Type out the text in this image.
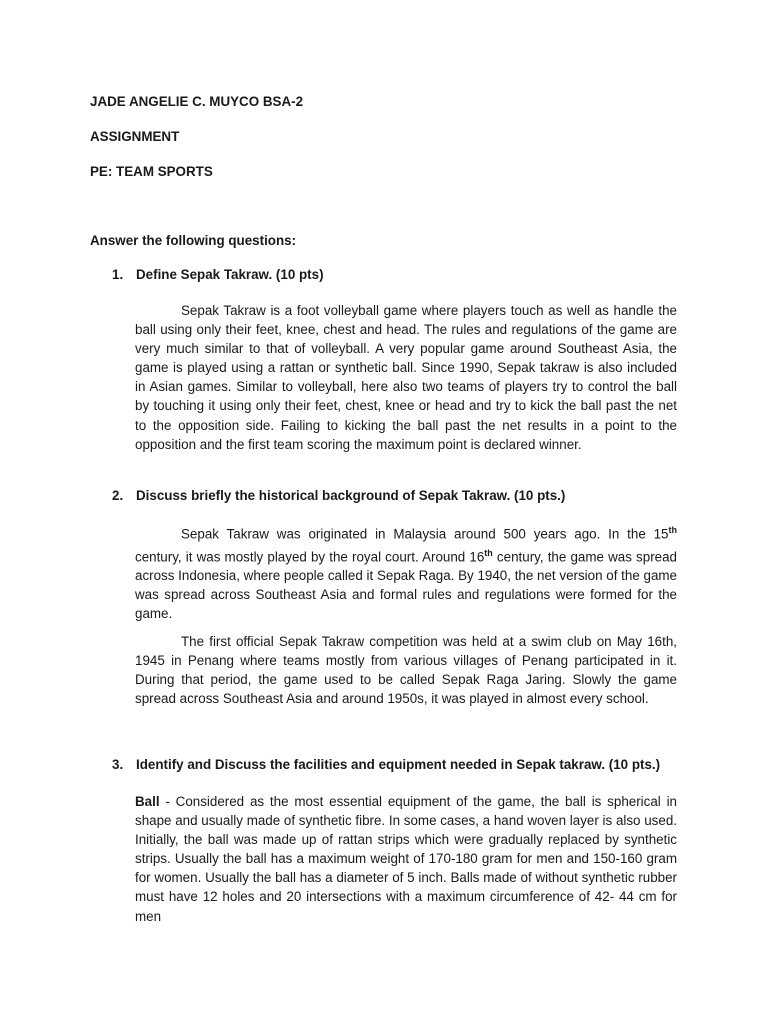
JADE ANGELIE C. MUYCO BSA-2
ASSIGNMENT
PE: TEAM SPORTS
Answer the following questions:
1. Define Sepak Takraw. (10 pts)

Sepak Takraw is a foot volleyball game where players touch as well as handle the ball using only their feet, knee, chest and head. The rules and regulations of the game are very much similar to that of volleyball. A very popular game around Southeast Asia, the game is played using a rattan or synthetic ball. Since 1990, Sepak takraw is also included in Asian games. Similar to volleyball, here also two teams of players try to control the ball by touching it using only their feet, chest, knee or head and try to kick the ball past the net to the opposition side. Failing to kicking the ball past the net results in a point to the opposition and the first team scoring the maximum point is declared winner.

2. Discuss briefly the historical background of Sepak Takraw. (10 pts.)

Sepak Takraw was originated in Malaysia around 500 years ago. In the 15th century, it was mostly played by the royal court. Around 16th century, the game was spread across Indonesia, where people called it Sepak Raga. By 1940, the net version of the game was spread across Southeast Asia and formal rules and regulations were formed for the game.

The first official Sepak Takraw competition was held at a swim club on May 16th, 1945 in Penang where teams mostly from various villages of Penang participated in it. During that period, the game used to be called Sepak Raga Jaring. Slowly the game spread across Southeast Asia and around 1950s, it was played in almost every school.

3. Identify and Discuss the facilities and equipment needed in Sepak takraw. (10 pts.)

Ball - Considered as the most essential equipment of the game, the ball is spherical in shape and usually made of synthetic fibre. In some cases, a hand woven layer is also used. Initially, the ball was made up of rattan strips which were gradually replaced by synthetic strips. Usually the ball has a maximum weight of 170-180 gram for men and 150-160 gram for women. Usually the ball has a diameter of 5 inch. Balls made of without synthetic rubber must have 12 holes and 20 intersections with a maximum circumference of 42- 44 cm for men
